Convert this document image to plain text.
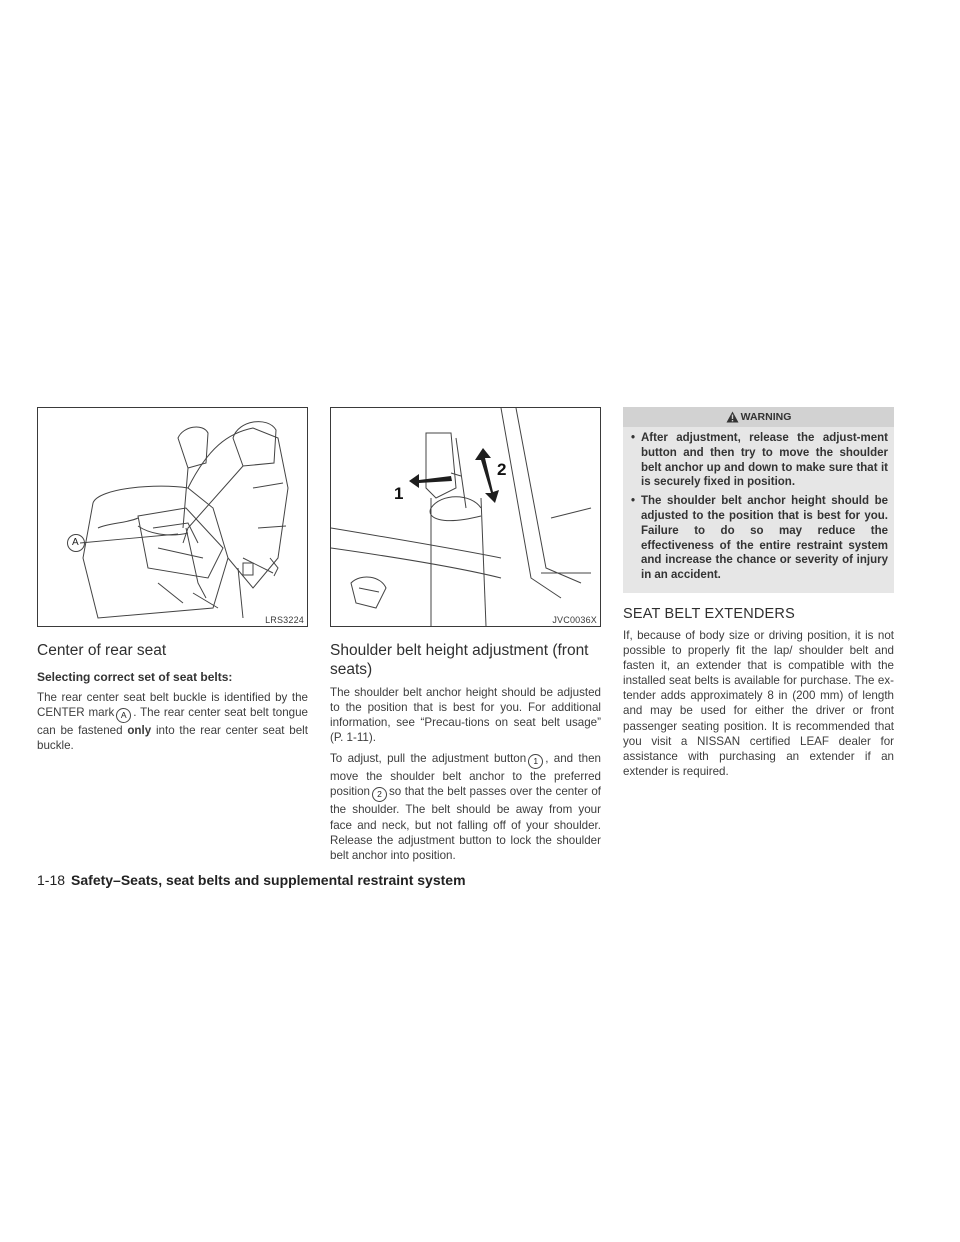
A
LRS3224
Center of rear seat
Selecting correct set of seat belts:

The rear center seat belt buckle is identified by the CENTER mark A . The rear center seat belt tongue can be fastened only into the rear center seat belt buckle.

1
2
JVC0036X
Shoulder belt height adjustment (front seats)

The shoulder belt anchor height should be adjusted to the position that is best for you. For additional information, see “Precau-tions on seat belt usage” (P. 1-11).

To adjust, pull the adjustment button 1 , and then move the shoulder belt anchor to the preferred position 2 so that the belt passes over the center of the shoulder. The belt should be away from your face and neck, but not falling off of your shoulder. Release the adjustment button to lock the shoulder belt anchor into position.

WARNING
• After adjustment, release the adjust-ment button and then try to move the shoulder belt anchor up and down to make sure that it is securely fixed in position.
• The shoulder belt anchor height should be adjusted to the position that is best for you. Failure to do so may reduce the effectiveness of the entire restraint system and increase the chance or severity of injury in an accident.
SEAT BELT EXTENDERS

If, because of body size or driving position, it is not possible to properly fit the lap/ shoulder belt and fasten it, an extender that is compatible with the installed seat belts is available for purchase. The ex-tender adds approximately 8 in (200 mm) of length and may be used for either the driver or front passenger seating position. It is recommended that you visit a NISSAN certified LEAF dealer for assistance with purchasing an extender if an extender is required.

1-18 Safety–Seats, seat belts and supplemental restraint system
